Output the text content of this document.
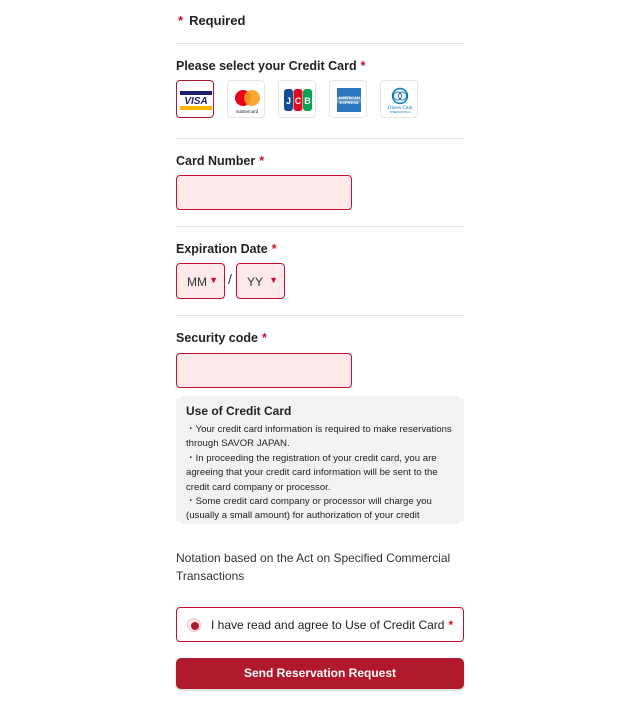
* Required
Please select your Credit Card *
VISA
mastercard
J C B	AMERICAN
EXPRESS
Diners Club
INTERNATIONAL
Card Number *
Expiration Date *
MM ▼ / YY ▼
Security code *
Use of Credit Card

・Your credit card information is required to make reservations through SAVOR JAPAN.

・In proceeding the registration of your credit card, you are agreeing that your credit card information will be sent to the credit card company or processor.

・Some credit card company or processor will charge you (usually a small amount) for authorization of your credit

Notation based on the Act on Specified Commercial Transactions
I have read and agree to Use of Credit Card *
Send Reservation Request
